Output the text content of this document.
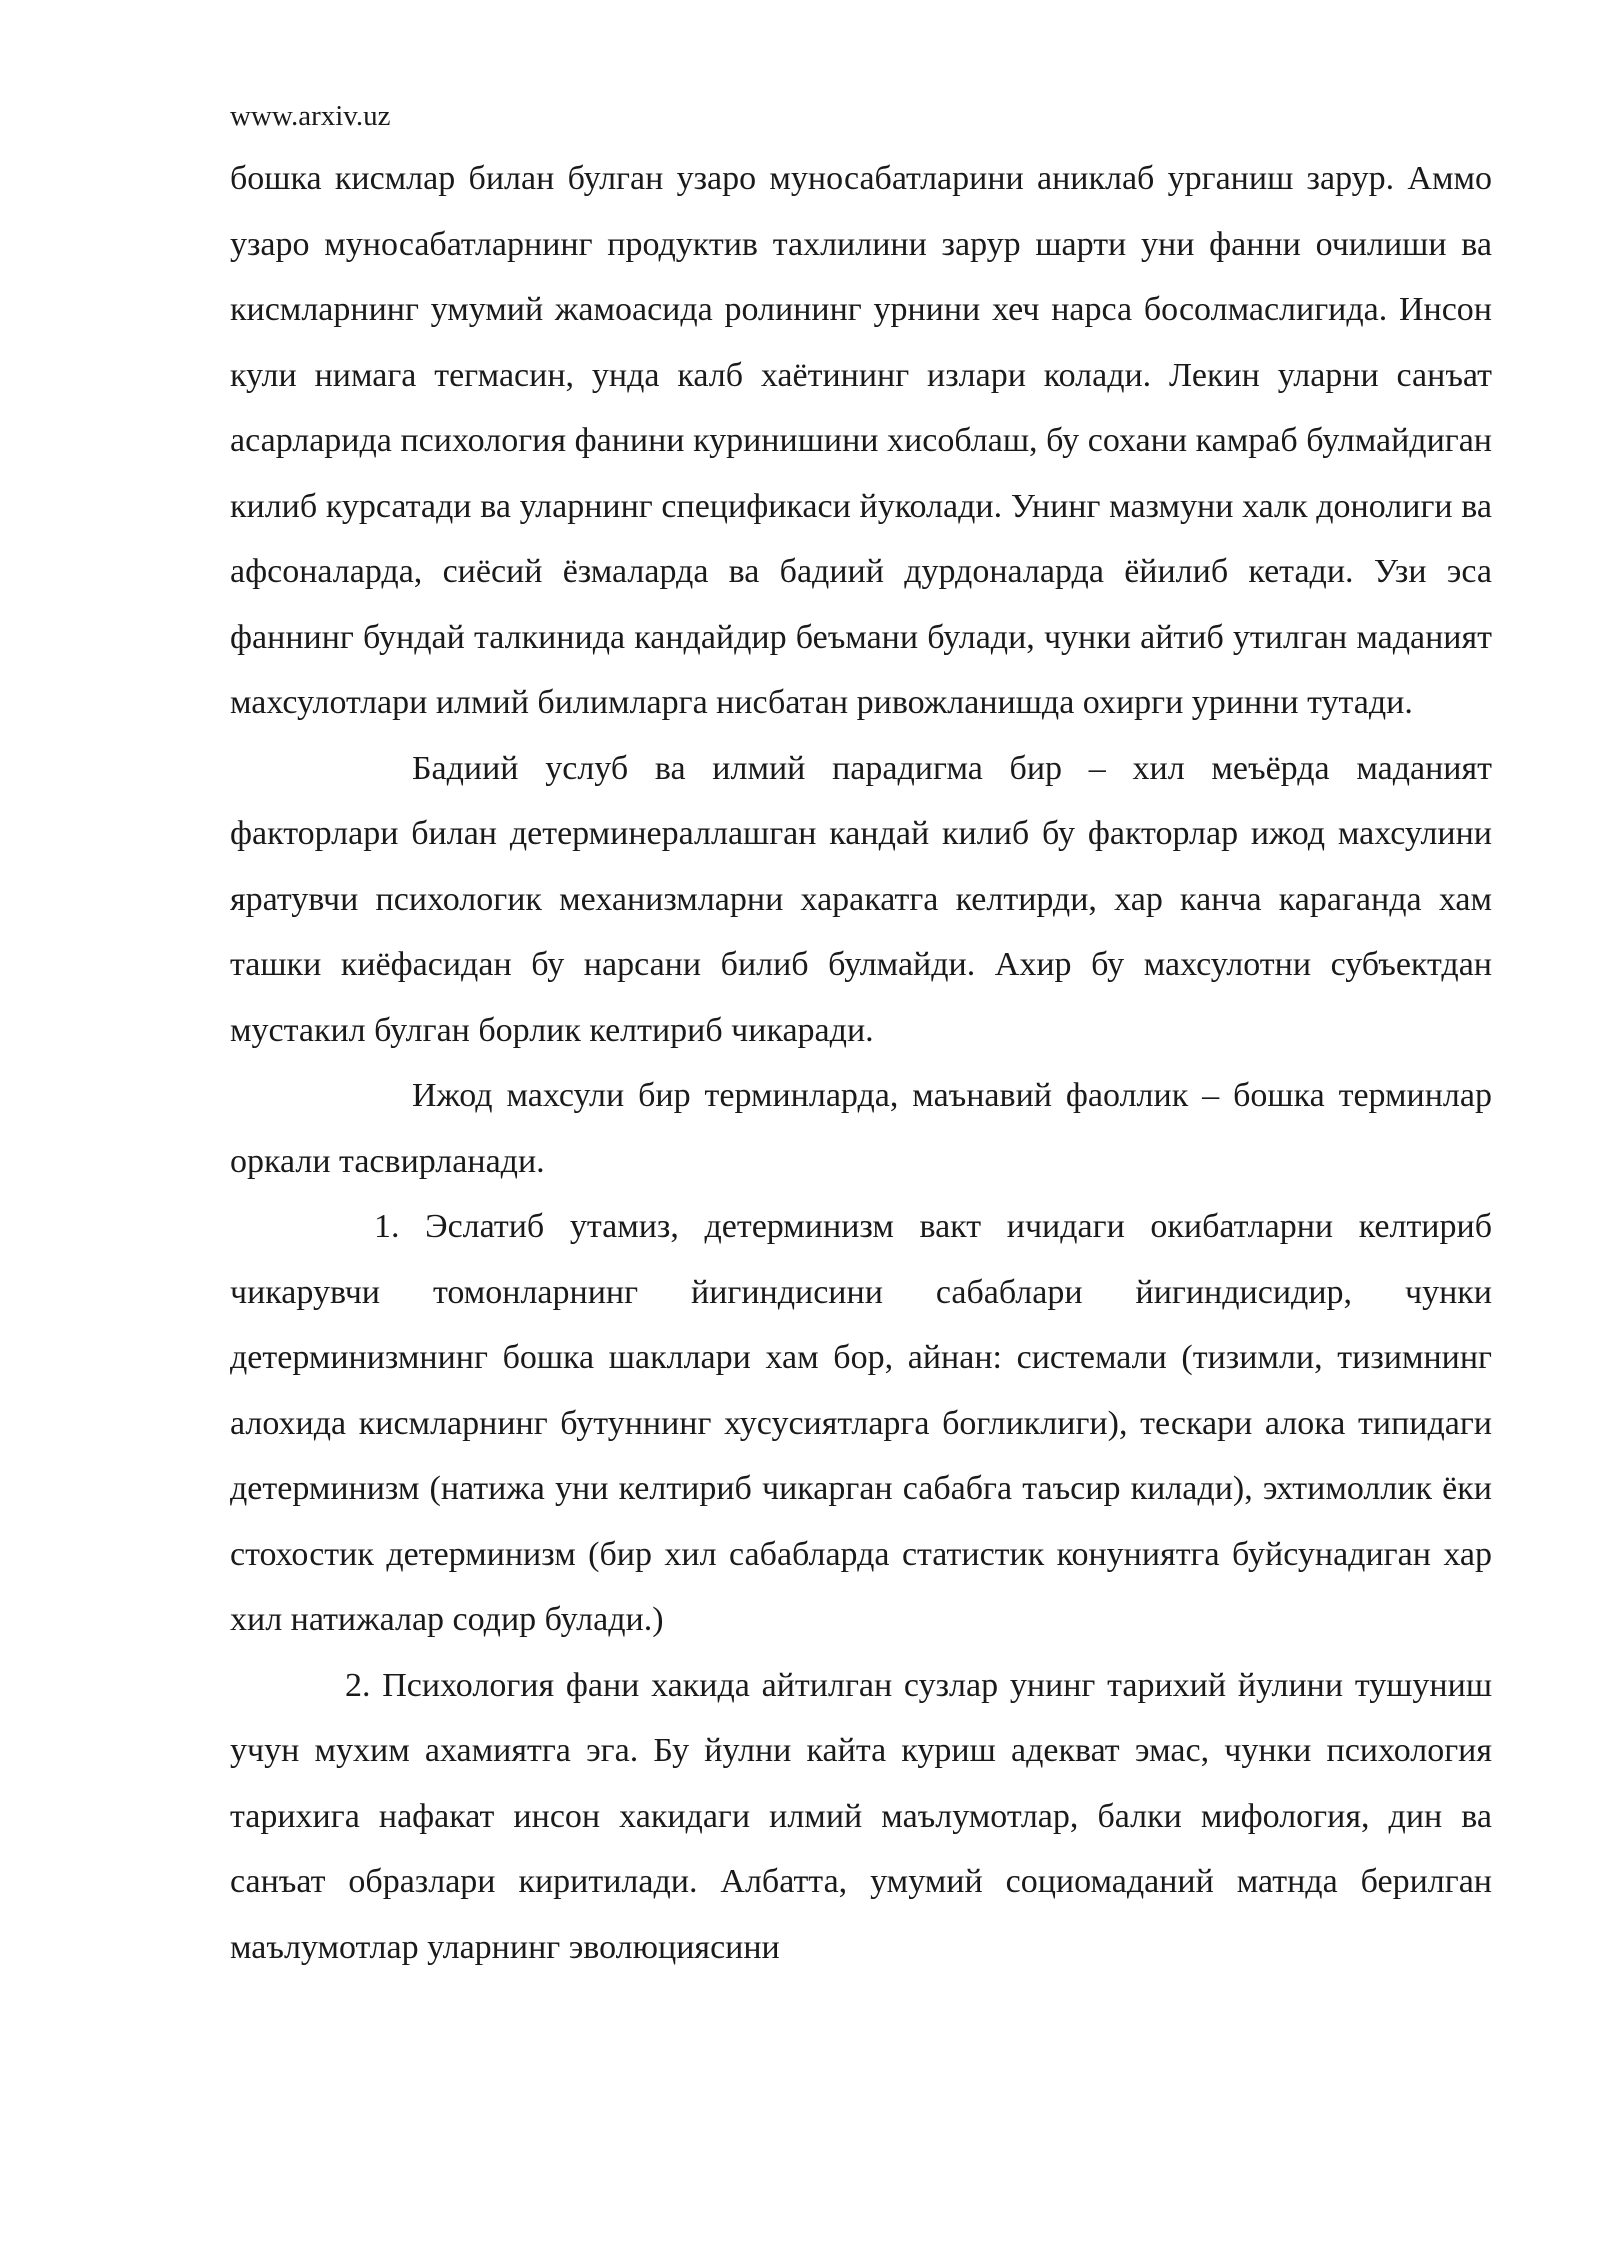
www.arxiv.uz

бошка кисмлар билан булган узаро муносабатларини аниклаб урганиш зарур. Аммо узаро муносабатларнинг продуктив тахлилини зарур шарти уни фанни очилиши ва кисмларнинг умумий жамоасида ролининг урнини хеч нарса босолмаслигида. Инсон кули нимага тегмасин, унда калб хаётининг излари колади. Лекин уларни санъат асарларида психология фанини куринишини хисоблаш, бу сохани камраб булмайдиган килиб курсатади ва уларнинг спецификаси йуколади. Унинг мазмуни халк донолиги ва афсоналарда, сиёсий ёзмаларда ва бадиий дурдоналарда ёйилиб кетади. Узи эса фаннинг бундай талкинида кандайдир беъмани булади, чунки айтиб утилган маданият махсулотлари илмий билимларга нисбатан ривожланишда охирги уринни тутади.

Бадиий услуб ва илмий парадигма бир – хил меъёрда маданият факторлари билан детерминераллашган кандай килиб бу факторлар ижод махсулини яратувчи психологик механизмларни харакатга келтирди, хар канча караганда хам ташки киёфасидан бу нарсани билиб булмайди. Ахир бу махсулотни субъектдан мустакил булган борлик келтириб чикаради.

Ижод махсули бир терминларда, маънавий фаоллик – бошка терминлар оркали тасвирланади.

1. Эслатиб утамиз, детерминизм вакт ичидаги окибатларни келтириб чикарувчи томонларнинг йигиндисини сабаблари йигиндисидир, чунки детерминизмнинг бошка шакллари хам бор, айнан: системали (тизимли, тизимнинг алохида кисмларнинг бутуннинг хусусиятларга богликлиги), тескари алока типидаги детерминизм (натижа уни келтириб чикарган сабабга таъсир килади), эхтимоллик ёки стохостик детерминизм (бир хил сабабларда статистик конуниятга буйсунадиган хар хил натижалар содир булади.)

2. Психология фани хакида айтилган сузлар унинг тарихий йулини тушуниш учун мухим ахамиятга эга. Бу йулни кайта куриш адекват эмас, чунки психология тарихига нафакат инсон хакидаги илмий маълумотлар, балки мифология, дин ва санъат образлари киритилади. Албатта, умумий социомаданий матнда берилган маълумотлар уларнинг эволюциясини
